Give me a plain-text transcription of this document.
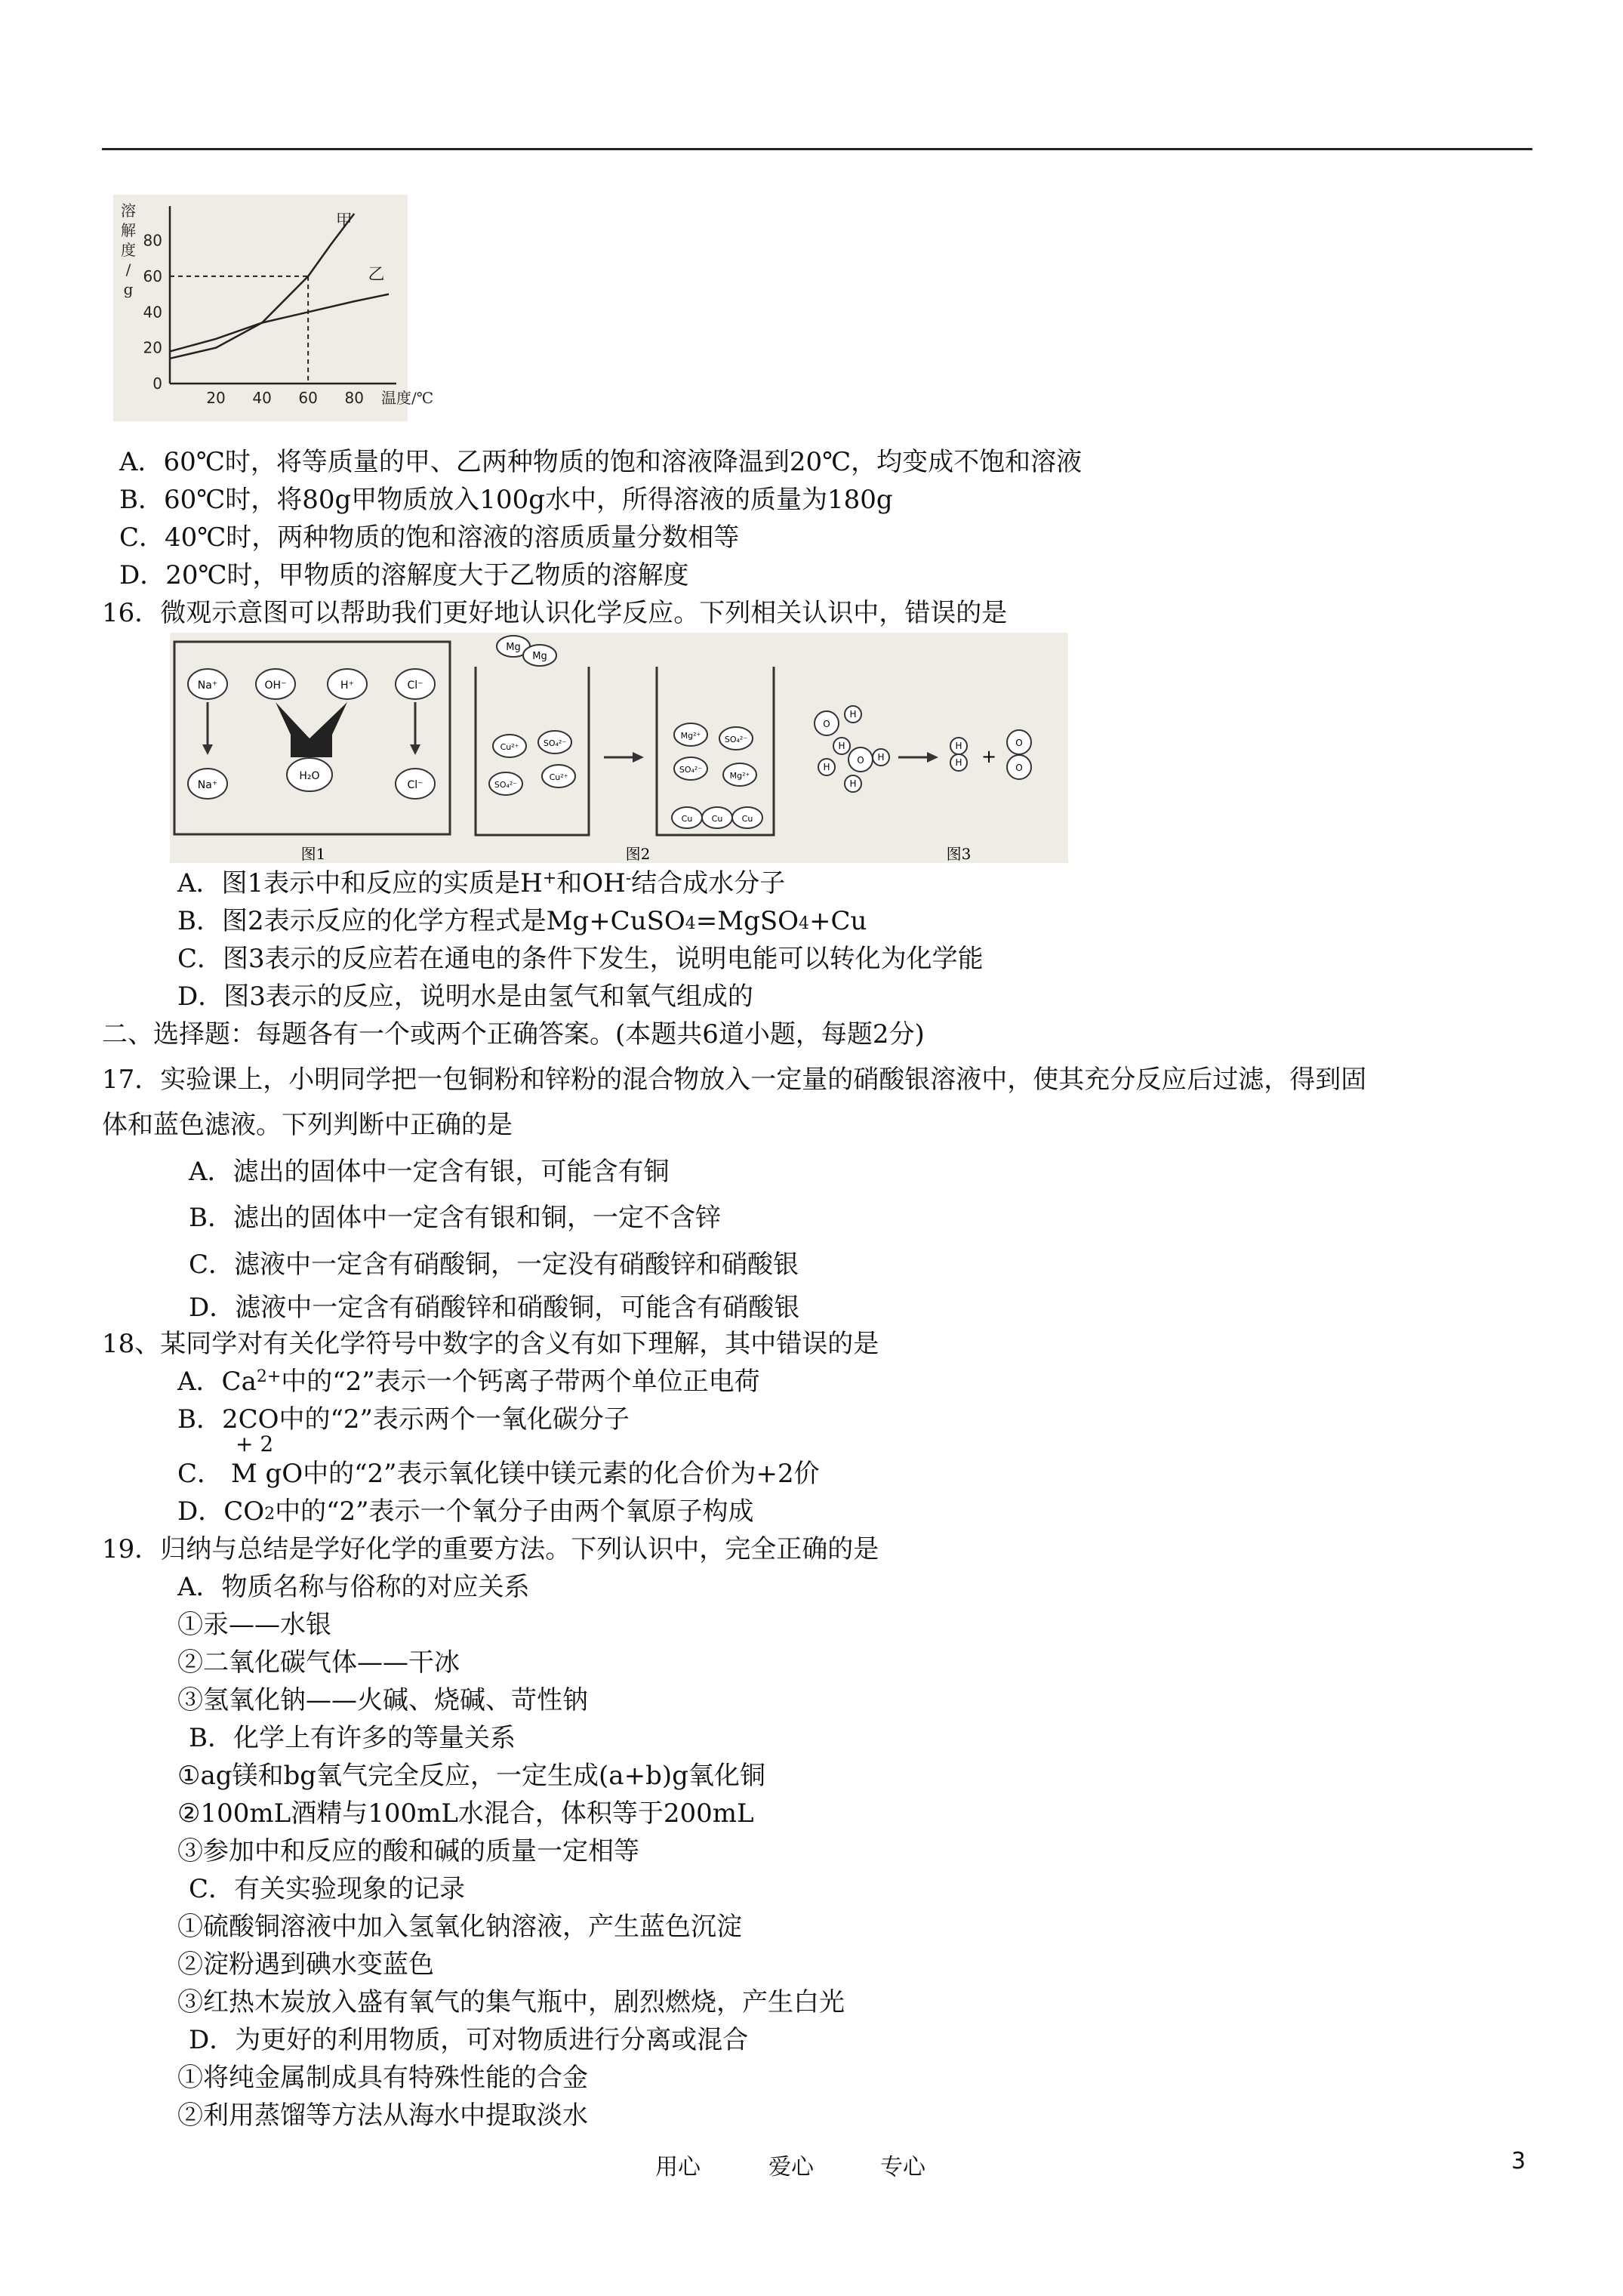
溶
解
度
/
g
0
20
40
60
80
20 40 60 80 温度/℃
甲
乙
A．60℃时，将等质量的甲、乙两种物质的饱和溶液降温到20℃，均变成不饱和溶液
B．60℃时，将80g甲物质放入100g水中，所得溶液的质量为180g
C．40℃时，两种物质的饱和溶液的溶质质量分数相等
D．20℃时，甲物质的溶解度大于乙物质的溶解度
16．微观示意图可以帮助我们更好地认识化学反应。下列相关认识中，错误的是
Na⁺	OH⁻	H⁺	Cl⁻
Na⁺
H₂O
Cl⁻
图1
Mg
Mg
Cu²⁺	SO₄²⁻
SO₄²⁻
Cu²⁺
Mg²⁺	SO₄²⁻
SO₄²⁻
Mg²⁺
Cu Cu Cu
图2
O
H
H
H
O H
H
H
H +
O
O
图3
A．图1表示中和反应的实质是H+和OH-结合成水分子
B．图2表示反应的化学方程式是Mg+CuSO$_4$=MgSO$_4$+Cu
C．图3表示的反应若在通电的条件下发生，说明电能可以转化为化学能
D．图3表示的反应，说明水是由氢气和氧气组成的
二、选择题：每题各有一个或两个正确答案。(本题共6道小题，每题2分)
17．实验课上，小明同学把一包铜粉和锌粉的混合物放入一定量的硝酸银溶液中，使其充分反应后过滤，得到固
体和蓝色滤液。下列判断中正确的是
A．滤出的固体中一定含有银，可能含有铜
B．滤出的固体中一定含有银和铜，一定不含锌
C．滤液中一定含有硝酸铜，一定没有硝酸锌和硝酸银
D．滤液中一定含有硝酸锌和硝酸铜，可能含有硝酸银
18、某同学对有关化学符号中数字的含义有如下理解，其中错误的是
A．$Ca^{2+}$中的“2”表示一个钙离子带两个单位正电荷
B．2CO中的“2”表示两个一氧化碳分子
+ 2
C． M gO中的“2”表示氧化镁中镁元素的化合价为+2价
D．$CO_2$中的“2”表示一个氧分子由两个氧原子构成
19．归纳与总结是学好化学的重要方法。下列认识中，完全正确的是
A．物质名称与俗称的对应关系
①汞——水银
②二氧化碳气体——干冰
③氢氧化钠——火碱、烧碱、苛性钠
B．化学上有许多的等量关系
①ag镁和bg氧气完全反应，一定生成(a+b)g氧化铜
②100mL酒精与100mL水混合，体积等于200mL
③参加中和反应的酸和碱的质量一定相等
C．有关实验现象的记录
①硫酸铜溶液中加入氢氧化钠溶液，产生蓝色沉淀
②淀粉遇到碘水变蓝色
③红热木炭放入盛有氧气的集气瓶中，剧烈燃烧，产生白光
D．为更好的利用物质，可对物质进行分离或混合
①将纯金属制成具有特殊性能的合金
②利用蒸馏等方法从海水中提取淡水
用心	爱心	专心	3
